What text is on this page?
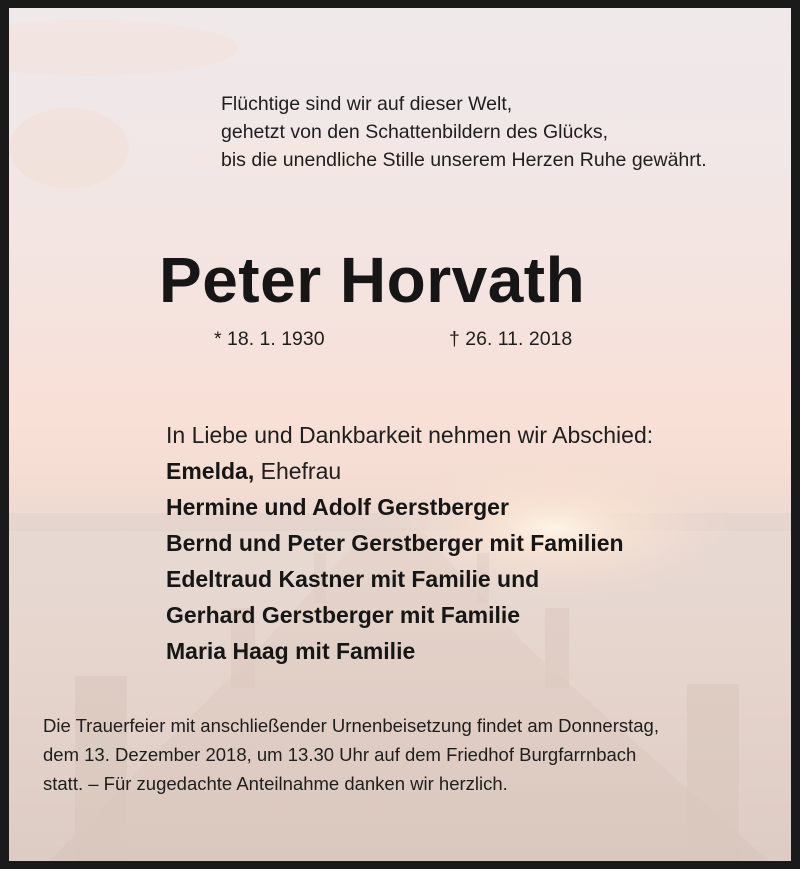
Flüchtige sind wir auf dieser Welt,
gehetzt von den Schattenbildern des Glücks,
bis die unendliche Stille unserem Herzen Ruhe gewährt.
Peter Horvath
* 18. 1. 1930	† 26. 11. 2018
In Liebe und Dankbarkeit nehmen wir Abschied:
Emelda, Ehefrau
Hermine und Adolf Gerstberger
Bernd und Peter Gerstberger mit Familien
Edeltraud Kastner mit Familie und
Gerhard Gerstberger mit Familie
Maria Haag mit Familie
Die Trauerfeier mit anschließender Urnenbeisetzung findet am Donnerstag,
dem 13. Dezember 2018, um 13.30 Uhr auf dem Friedhof Burgfarrnbach
statt. – Für zugedachte Anteilnahme danken wir herzlich.
